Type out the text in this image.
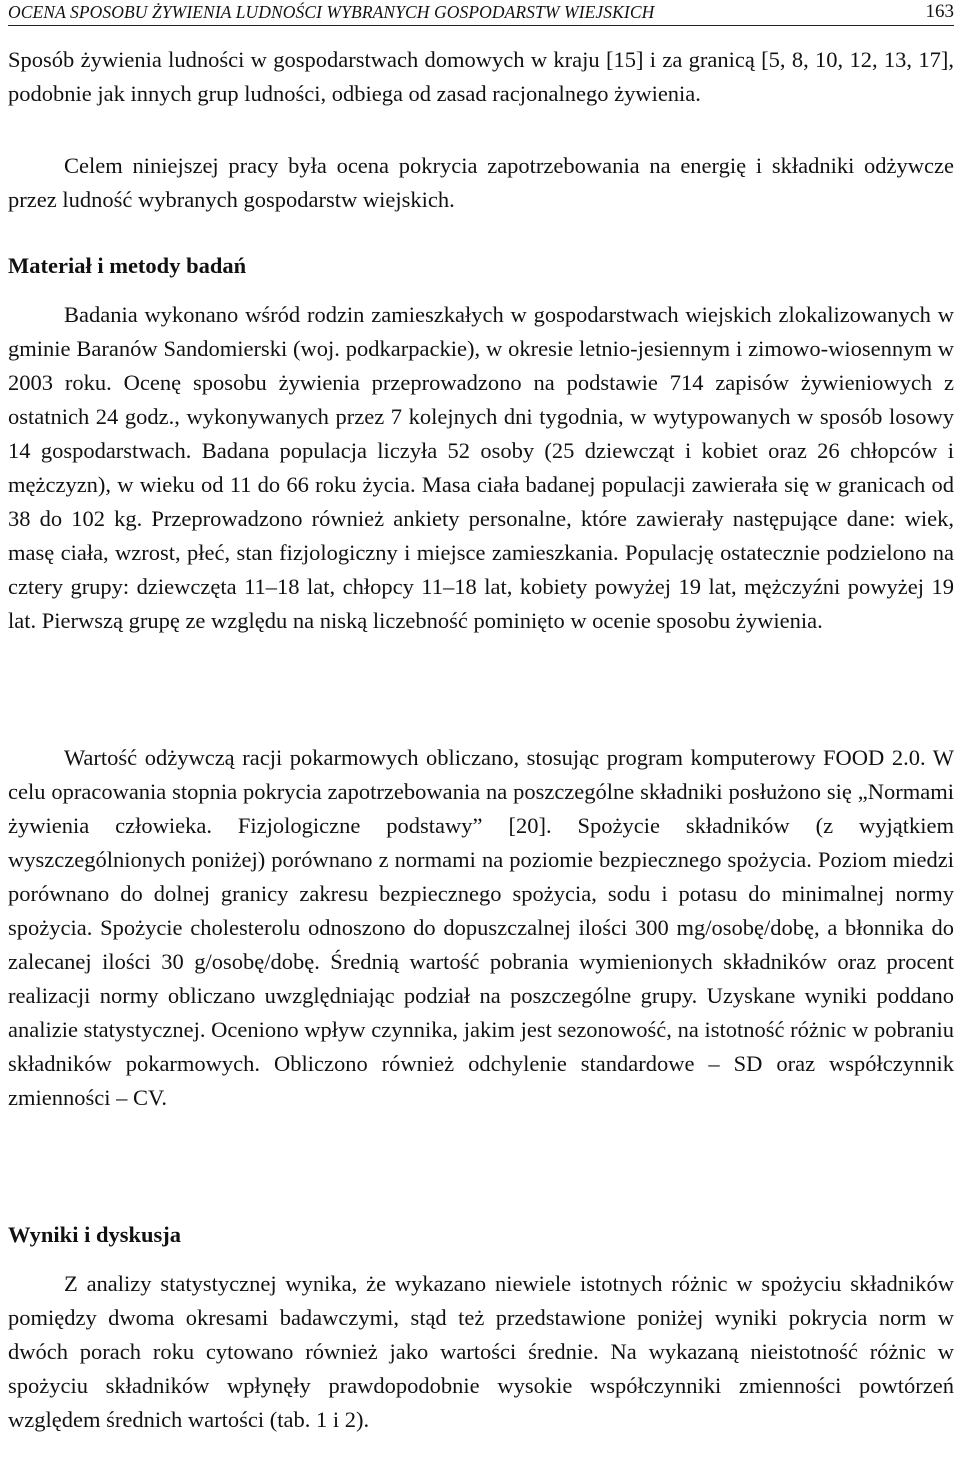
OCENA SPOSOBU ŻYWIENIA LUDNOŚCI WYBRANYCH GOSPODARSTW WIEJSKICH	163

Sposób żywienia ludności w gospodarstwach domowych w kraju [15] i za granicą [5, 8, 10, 12, 13, 17], podobnie jak innych grup ludności, odbiega od zasad racjonalnego żywienia.

Celem niniejszej pracy była ocena pokrycia zapotrzebowania na energię i składniki odżywcze przez ludność wybranych gospodarstw wiejskich.

Materiał i metody badań

Badania wykonano wśród rodzin zamieszkałych w gospodarstwach wiejskich zlokalizowanych w gminie Baranów Sandomierski (woj. podkarpackie), w okresie letnio-jesiennym i zimowo-wiosennym w 2003 roku. Ocenę sposobu żywienia przeprowadzono na podstawie 714 zapisów żywieniowych z ostatnich 24 godz., wykonywanych przez 7 kolejnych dni tygodnia, w wytypowanych w sposób losowy 14 gospodarstwach. Badana populacja liczyła 52 osoby (25 dziewcząt i kobiet oraz 26 chłopców i mężczyzn), w wieku od 11 do 66 roku życia. Masa ciała badanej populacji zawierała się w granicach od 38 do 102 kg. Przeprowadzono również ankiety personalne, które zawierały następujące dane: wiek, masę ciała, wzrost, płeć, stan fizjologiczny i miejsce zamieszkania. Populację ostatecznie podzielono na cztery grupy: dziewczęta 11–18 lat, chłopcy 11–18 lat, kobiety powyżej 19 lat, mężczyźni powyżej 19 lat. Pierwszą grupę ze względu na niską liczebność pominięto w ocenie sposobu żywienia.

Wartość odżywczą racji pokarmowych obliczano, stosując program komputerowy FOOD 2.0. W celu opracowania stopnia pokrycia zapotrzebowania na poszczególne składniki posłużono się „Normami żywienia człowieka. Fizjologiczne podstawy” [20]. Spożycie składników (z wyjątkiem wyszczególnionych poniżej) porównano z normami na poziomie bezpiecznego spożycia. Poziom miedzi porównano do dolnej granicy zakresu bezpiecznego spożycia, sodu i potasu do minimalnej normy spożycia. Spożycie cholesterolu odnoszono do dopuszczalnej ilości 300 mg/osobę/dobę, a błonnika do zalecanej ilości 30 g/osobę/dobę. Średnią wartość pobrania wymienionych składników oraz procent realizacji normy obliczano uwzględniając podział na poszczególne grupy. Uzyskane wyniki poddano analizie statystycznej. Oceniono wpływ czynnika, jakim jest sezonowość, na istotność różnic w pobraniu składników pokarmowych. Obliczono również odchylenie standardowe – SD oraz współczynnik zmienności – CV.

Wyniki i dyskusja

Z analizy statystycznej wynika, że wykazano niewiele istotnych różnic w spożyciu składników pomiędzy dwoma okresami badawczymi, stąd też przedstawione poniżej wyniki pokrycia norm w dwóch porach roku cytowano również jako wartości średnie. Na wykazaną nieistotność różnic w spożyciu składników wpłynęły prawdopodobnie wysokie współczynniki zmienności powtórzeń względem średnich wartości (tab. 1 i 2).
